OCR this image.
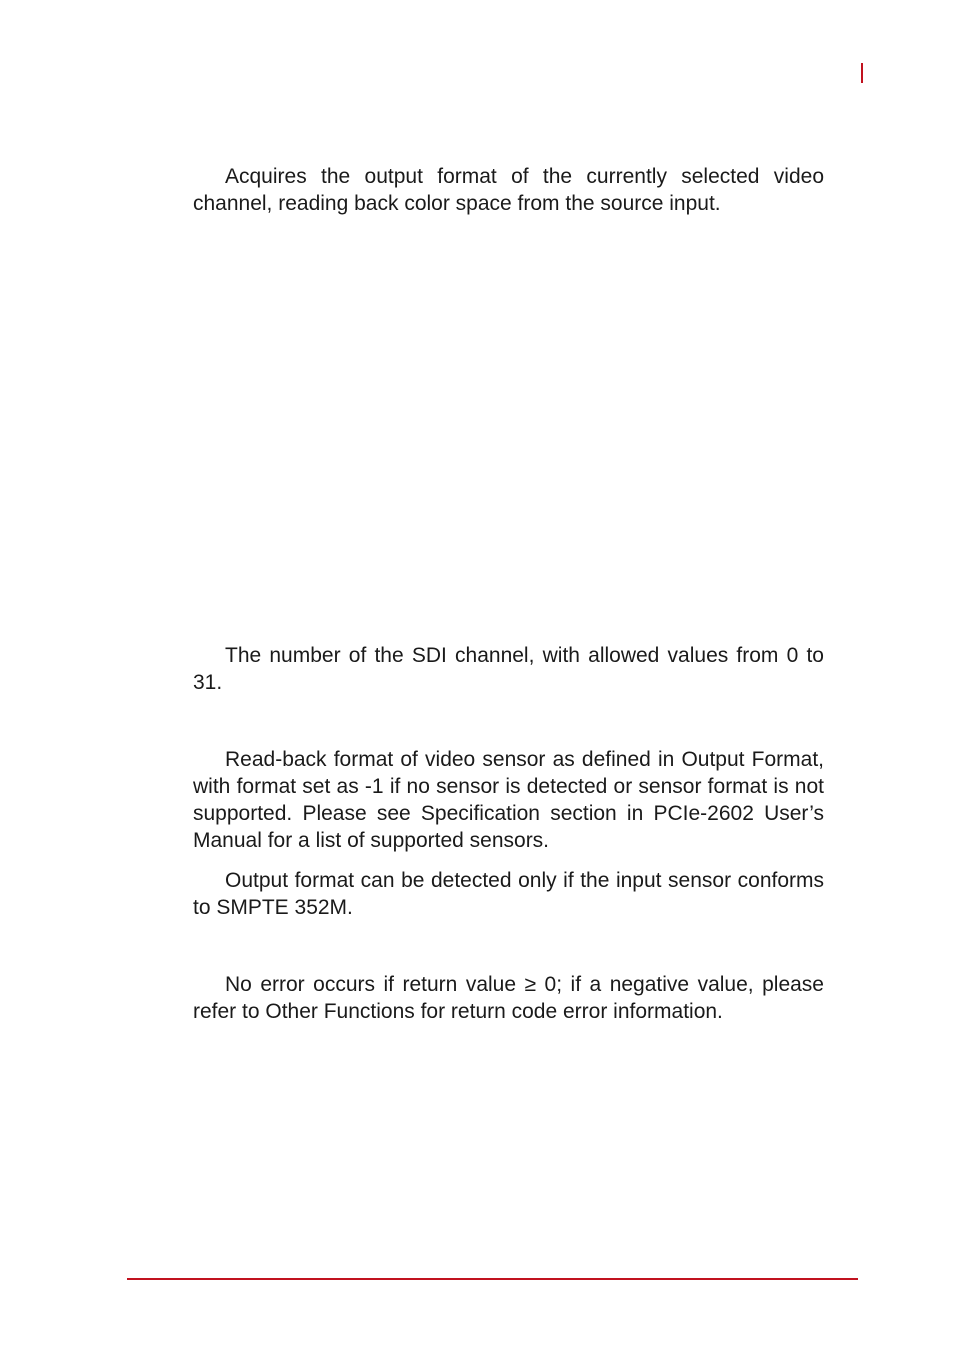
Acquires the output format of the currently selected video channel, reading back color space from the source input.

The number of the SDI channel, with allowed values from 0 to 31.

Read-back format of video sensor as defined in Output Format, with format set as -1 if no sensor is detected or sensor format is not supported. Please see Specification section in PCIe-2602 User’s Manual for a list of supported sensors.

Output format can be detected only if the input sensor conforms to SMPTE 352M.

No error occurs if return value ≥ 0; if a negative value, please refer to Other Functions for return code error information.
